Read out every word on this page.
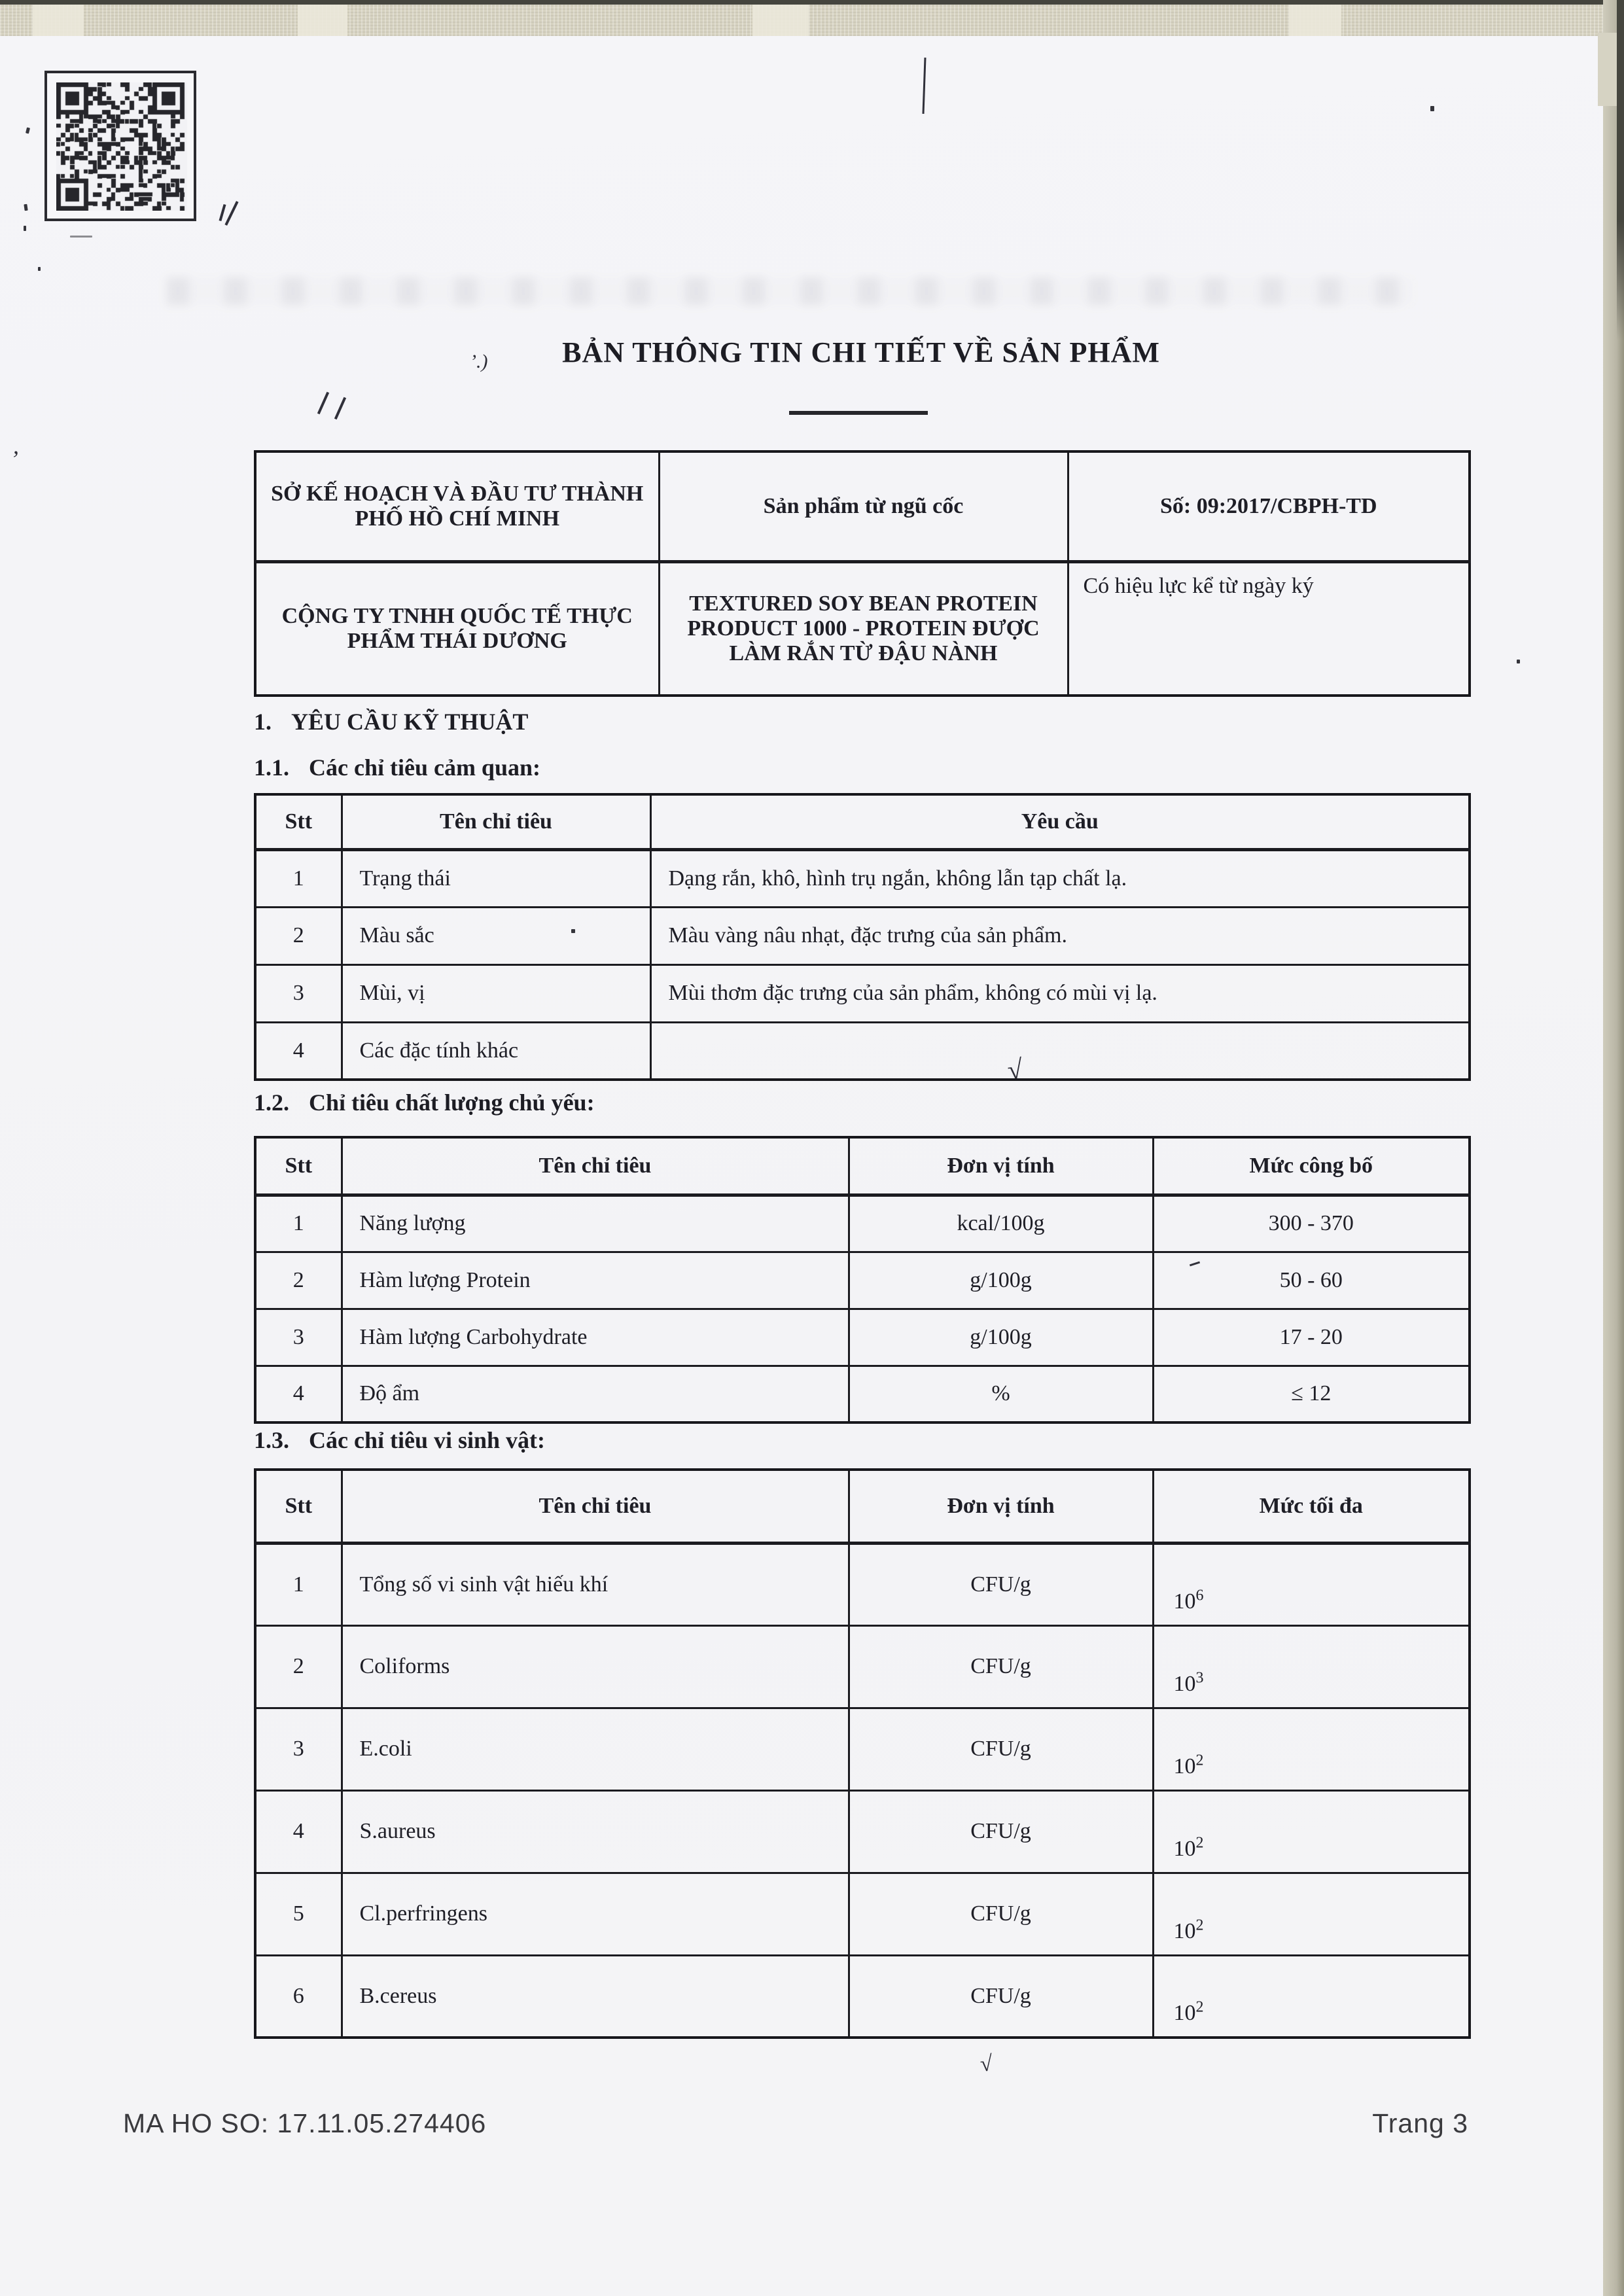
’.)
,
√
√
BẢN THÔNG TIN CHI TIẾT VỀ SẢN PHẨM
SỞ KẾ HOẠCH VÀ ĐẦU TƯ THÀNH PHỐ HỒ CHÍ MINH	Sản phẩm từ ngũ cốc	Số: 09:2017/CBPH-TD
CỘNG TY TNHH QUỐC TẾ THỰC PHẨM THÁI DƯƠNG	TEXTURED SOY BEAN PROTEIN PRODUCT 1000 - PROTEIN ĐƯỢC LÀM RẮN TỪ ĐẬU NÀNH	Có hiệu lực kể từ ngày ký
1. YÊU CẦU KỸ THUẬT
1.1. Các chỉ tiêu cảm quan:
Stt	Tên chỉ tiêu	Yêu cầu
1	Trạng thái	Dạng rắn, khô, hình trụ ngắn, không lẫn tạp chất lạ.
2	Màu sắc	Màu vàng nâu nhạt, đặc trưng của sản phẩm.
3	Mùi, vị	Mùi thơm đặc trưng của sản phẩm, không có mùi vị lạ.
4	Các đặc tính khác	
1.2. Chỉ tiêu chất lượng chủ yếu:
Stt	Tên chỉ tiêu	Đơn vị tính	Mức công bố
1	Năng lượng	kcal/100g	300 - 370
2	Hàm lượng Protein	g/100g	50 - 60
3	Hàm lượng Carbohydrate	g/100g	17 - 20
4	Độ ẩm	%	≤ 12
1.3. Các chỉ tiêu vi sinh vật:
Stt	Tên chỉ tiêu	Đơn vị tính	Mức tối đa
1	Tổng số vi sinh vật hiếu khí	CFU/g	$10^6$
2	Coliforms	CFU/g	$10^3$
3	E.coli	CFU/g	$10^2$
4	S.aureus	CFU/g	$10^2$
5	Cl.perfringens	CFU/g	$10^2$
6	B.cereus	CFU/g	$10^2$
MA HO SO: 17.11.05.274406	Trang 3
